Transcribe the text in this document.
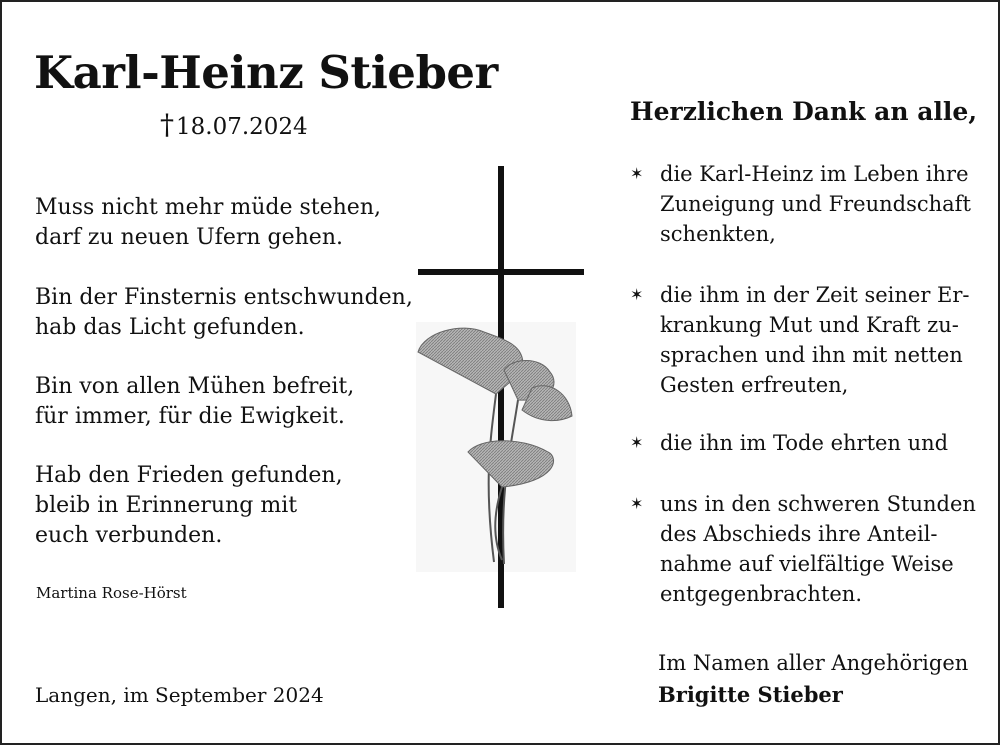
Karl-Heinz Stieber
†18.07.2024
Muss nicht mehr müde stehen,
darf zu neuen Ufern gehen.
Bin der Finsternis entschwunden,
hab das Licht gefunden.
Bin von allen Mühen befreit,
für immer, für die Ewigkeit.
Hab den Frieden gefunden,
bleib in Erinnerung mit
euch verbunden.
Martina Rose-Hörst
Langen, im September 2024
Herzlichen Dank an alle,
✶ die Karl-Heinz im Leben ihre
Zuneigung und Freundschaft
schenkten,
✶ die ihm in der Zeit seiner Er-
krankung Mut und Kraft zu-
sprachen und ihn mit netten
Gesten erfreuten,
✶ die ihn im Tode ehrten und
✶ uns in den schweren Stunden
des Abschieds ihre Anteil-
nahme auf vielfältige Weise
entgegenbrachten.
Im Namen aller Angehörigen
Brigitte Stieber
